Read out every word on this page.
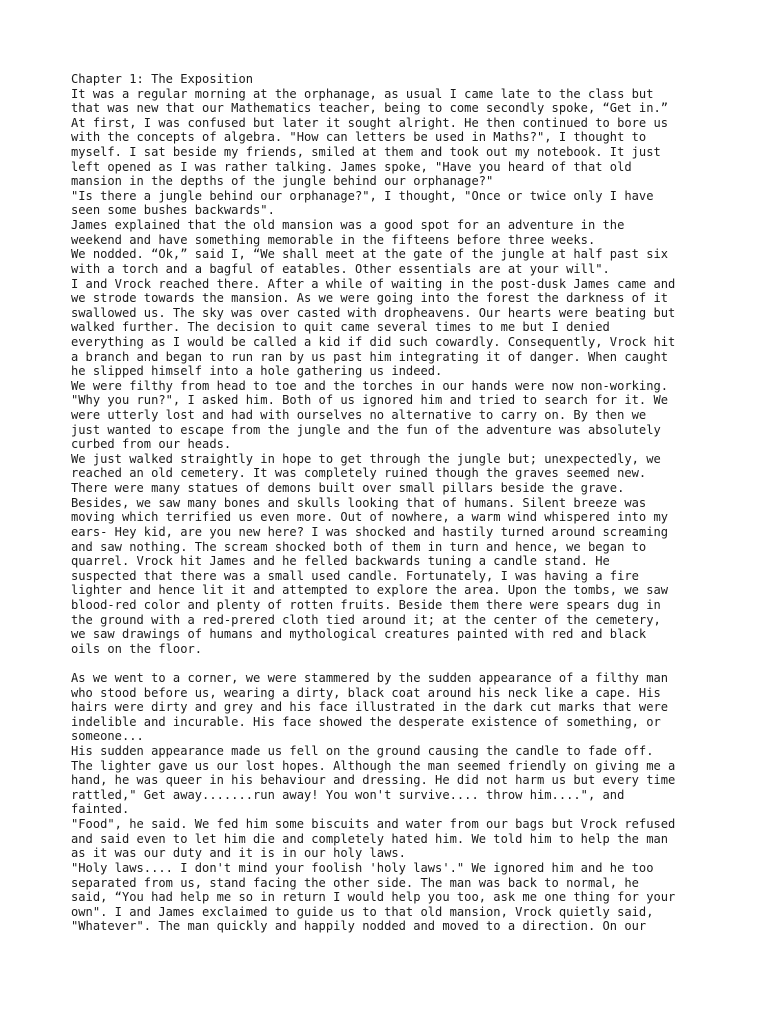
Chapter 1: The Exposition
It was a regular morning at the orphanage, as usual I came late to the class but
that was new that our Mathematics teacher, being to come secondly spoke, “Get in.”
At first, I was confused but later it sought alright. He then continued to bore us
with the concepts of algebra. "How can letters be used in Maths?", I thought to
myself. I sat beside my friends, smiled at them and took out my notebook. It just
left opened as I was rather talking. James spoke, "Have you heard of that old
mansion in the depths of the jungle behind our orphanage?"
"Is there a jungle behind our orphanage?", I thought, "Once or twice only I have
seen some bushes backwards".
James explained that the old mansion was a good spot for an adventure in the
weekend and have something memorable in the fifteens before three weeks.
We nodded. “Ok,” said I, “We shall meet at the gate of the jungle at half past six
with a torch and a bagful of eatables. Other essentials are at your will".
I and Vrock reached there. After a while of waiting in the post-dusk James came and
we strode towards the mansion. As we were going into the forest the darkness of it
swallowed us. The sky was over casted with dropheavens. Our hearts were beating but
walked further. The decision to quit came several times to me but I denied
everything as I would be called a kid if did such cowardly. Consequently, Vrock hit
a branch and began to run ran by us past him integrating it of danger. When caught
he slipped himself into a hole gathering us indeed.
We were filthy from head to toe and the torches in our hands were now non-working.
"Why you run?", I asked him. Both of us ignored him and tried to search for it. We
were utterly lost and had with ourselves no alternative to carry on. By then we
just wanted to escape from the jungle and the fun of the adventure was absolutely
curbed from our heads.
We just walked straightly in hope to get through the jungle but; unexpectedly, we
reached an old cemetery. It was completely ruined though the graves seemed new.
There were many statues of demons built over small pillars beside the grave.
Besides, we saw many bones and skulls looking that of humans. Silent breeze was
moving which terrified us even more. Out of nowhere, a warm wind whispered into my
ears- Hey kid, are you new here? I was shocked and hastily turned around screaming
and saw nothing. The scream shocked both of them in turn and hence, we began to
quarrel. Vrock hit James and he felled backwards tuning a candle stand. He
suspected that there was a small used candle. Fortunately, I was having a fire
lighter and hence lit it and attempted to explore the area. Upon the tombs, we saw
blood-red color and plenty of rotten fruits. Beside them there were spears dug in
the ground with a red-prered cloth tied around it; at the center of the cemetery,
we saw drawings of humans and mythological creatures painted with red and black
oils on the floor.
As we went to a corner, we were stammered by the sudden appearance of a filthy man
who stood before us, wearing a dirty, black coat around his neck like a cape. His
hairs were dirty and grey and his face illustrated in the dark cut marks that were
indelible and incurable. His face showed the desperate existence of something, or
someone...
His sudden appearance made us fell on the ground causing the candle to fade off.
The lighter gave us our lost hopes. Although the man seemed friendly on giving me a
hand, he was queer in his behaviour and dressing. He did not harm us but every time
rattled," Get away.......run away! You won't survive.... throw him....", and
fainted.
"Food", he said. We fed him some biscuits and water from our bags but Vrock refused
and said even to let him die and completely hated him. We told him to help the man
as it was our duty and it is in our holy laws.
"Holy laws.... I don't mind your foolish 'holy laws'." We ignored him and he too
separated from us, stand facing the other side. The man was back to normal, he
said, “You had help me so in return I would help you too, ask me one thing for your
own". I and James exclaimed to guide us to that old mansion, Vrock quietly said,
"Whatever". The man quickly and happily nodded and moved to a direction. On our
